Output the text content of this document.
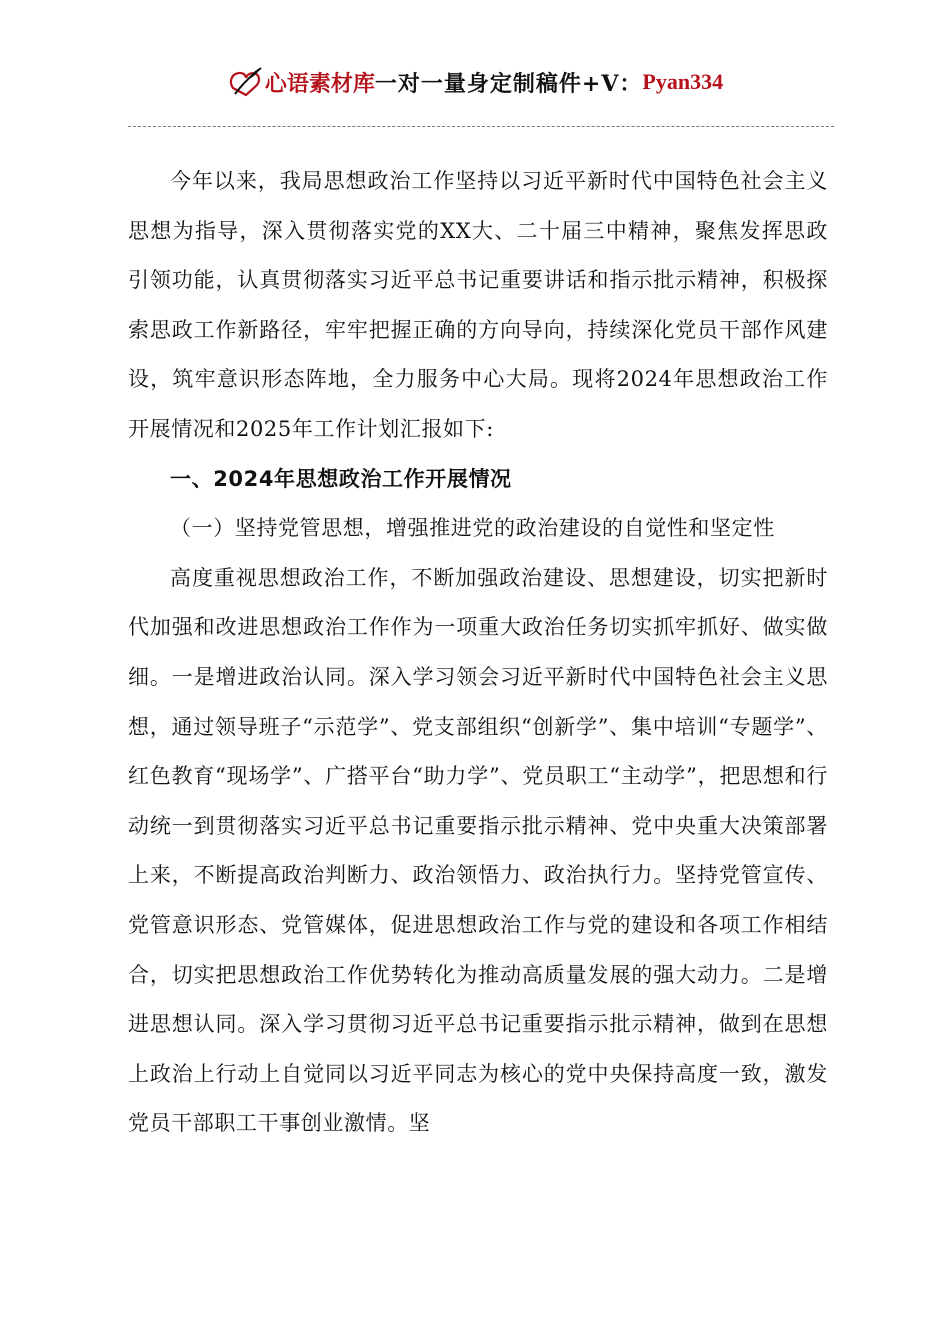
心语素材库 一对一量身定制稿件+V： Pyan334

今年以来，我局思想政治工作坚持以习近平新时代中国特色社会主义思想为指导，深入贯彻落实党的XX大、二十届三中精神，聚焦发挥思政引领功能，认真贯彻落实习近平总书记重要讲话和指示批示精神，积极探索思政工作新路径，牢牢把握正确的方向导向，持续深化党员干部作风建设，筑牢意识形态阵地，全力服务中心大局。现将2024年思想政治工作开展情况和2025年工作计划汇报如下:

一、2024年思想政治工作开展情况

（一）坚持党管思想，增强推进党的政治建设的自觉性和坚定性

高度重视思想政治工作，不断加强政治建设、思想建设，切实把新时代加强和改进思想政治工作作为一项重大政治任务切实抓牢抓好、做实做细。一是增进政治认同。深入学习领会习近平新时代中国特色社会主义思想，通过领导班子“示范学”、党支部组织“创新学”、集中培训“专题学”、红色教育“现场学”、广搭平台“助力学”、党员职工“主动学”，把思想和行动统一到贯彻落实习近平总书记重要指示批示精神、党中央重大决策部署上来，不断提高政治判断力、政治领悟力、政治执行力。坚持党管宣传、党管意识形态、党管媒体，促进思想政治工作与党的建设和各项工作相结合，切实把思想政治工作优势转化为推动高质量发展的强大动力。二是增进思想认同。深入学习贯彻习近平总书记重要指示批示精神，做到在思想上政治上行动上自觉同以习近平同志为核心的党中央保持高度一致，激发党员干部职工干事创业激情。坚
